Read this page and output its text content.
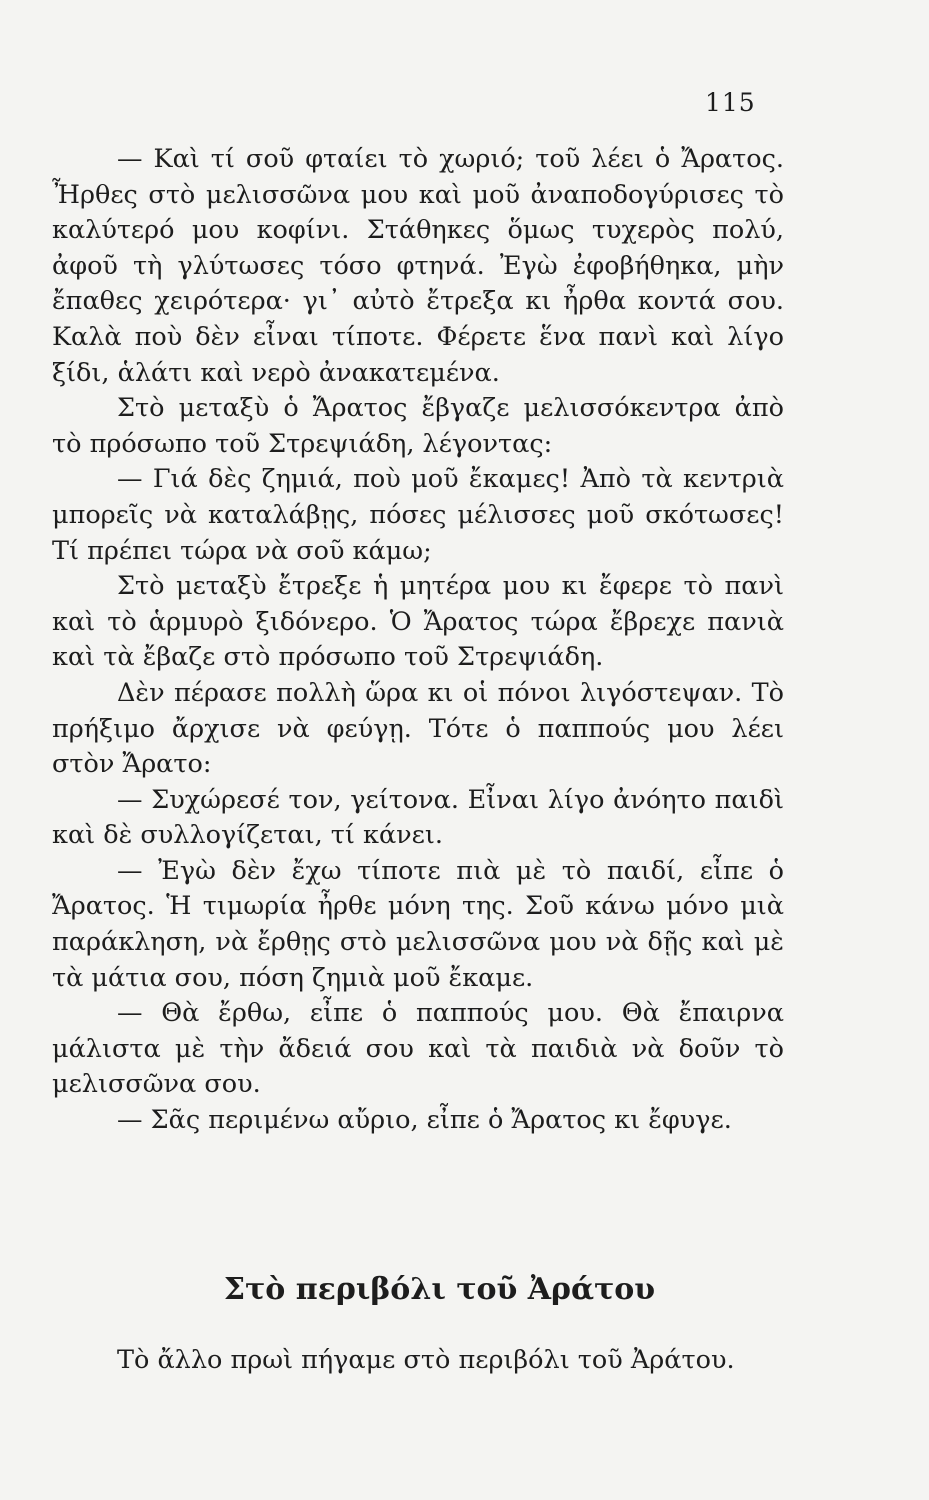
115

— Καὶ τί σοῦ φταίει τὸ χωριό; τοῦ λέει ὁ Ἄρατος. Ἦρθες στὸ μελισσῶνα μου καὶ μοῦ ἀναποδογύρισες τὸ καλύτερό μου κοφίνι. Στάθηκες ὅμως τυχερὸς πολύ, ἀφοῦ τὴ γλύτωσες τόσο φτηνά. Ἐγὼ ἐφοβήθηκα, μὴν ἔπαθες χειρότερα· γι᾽ αὐτὸ ἔτρεξα κι ἦρθα κοντά σου. Καλὰ ποὺ δὲν εἶναι τίποτε. Φέρετε ἕνα πανὶ καὶ λίγο ξίδι, ἁλάτι καὶ νερὸ ἀνακατεμένα.

Στὸ μεταξὺ ὁ Ἄρατος ἔβγαζε μελισσόκεντρα ἀπὸ τὸ πρόσωπο τοῦ Στρεψιάδη, λέγοντας:

— Γιά δὲς ζημιά, ποὺ μοῦ ἔκαμες! Ἀπὸ τὰ κεντριὰ μπορεῖς νὰ καταλάβῃς, πόσες μέλισσες μοῦ σκότωσες! Τί πρέπει τώρα νὰ σοῦ κάμω;

Στὸ μεταξὺ ἔτρεξε ἡ μητέρα μου κι ἔφερε τὸ πανὶ καὶ τὸ ἁρμυρὸ ξιδόνερο. Ὁ Ἄρατος τώρα ἔβρεχε πανιὰ καὶ τὰ ἔβαζε στὸ πρόσωπο τοῦ Στρεψιάδη.

Δὲν πέρασε πολλὴ ὥρα κι οἱ πόνοι λιγόστεψαν. Τὸ πρήξιμο ἄρχισε νὰ φεύγῃ. Τότε ὁ παππούς μου λέει στὸν Ἄρατο:

— Συχώρεσέ τον, γείτονα. Εἶναι λίγο ἀνόητο παιδὶ καὶ δὲ συλλογίζεται, τί κάνει.

— Ἐγὼ δὲν ἔχω τίποτε πιὰ μὲ τὸ παιδί, εἶπε ὁ Ἄρατος. Ἡ τιμωρία ἦρθε μόνη της. Σοῦ κάνω μόνο μιὰ παράκληση, νὰ ἔρθῃς στὸ μελισσῶνα μου νὰ δῇς καὶ μὲ τὰ μάτια σου, πόση ζημιὰ μοῦ ἔκαμε.

— Θὰ ἔρθω, εἶπε ὁ παππούς μου. Θὰ ἔπαιρνα μάλιστα μὲ τὴν ἄδειά σου καὶ τὰ παιδιὰ νὰ δοῦν τὸ μελισσῶνα σου.

— Σᾶς περιμένω αὔριο, εἶπε ὁ Ἄρατος κι ἔφυγε.

Στὸ περιβόλι τοῦ Ἀράτου
Τὸ ἄλλο πρωὶ πήγαμε στὸ περιβόλι τοῦ Ἀράτου.
